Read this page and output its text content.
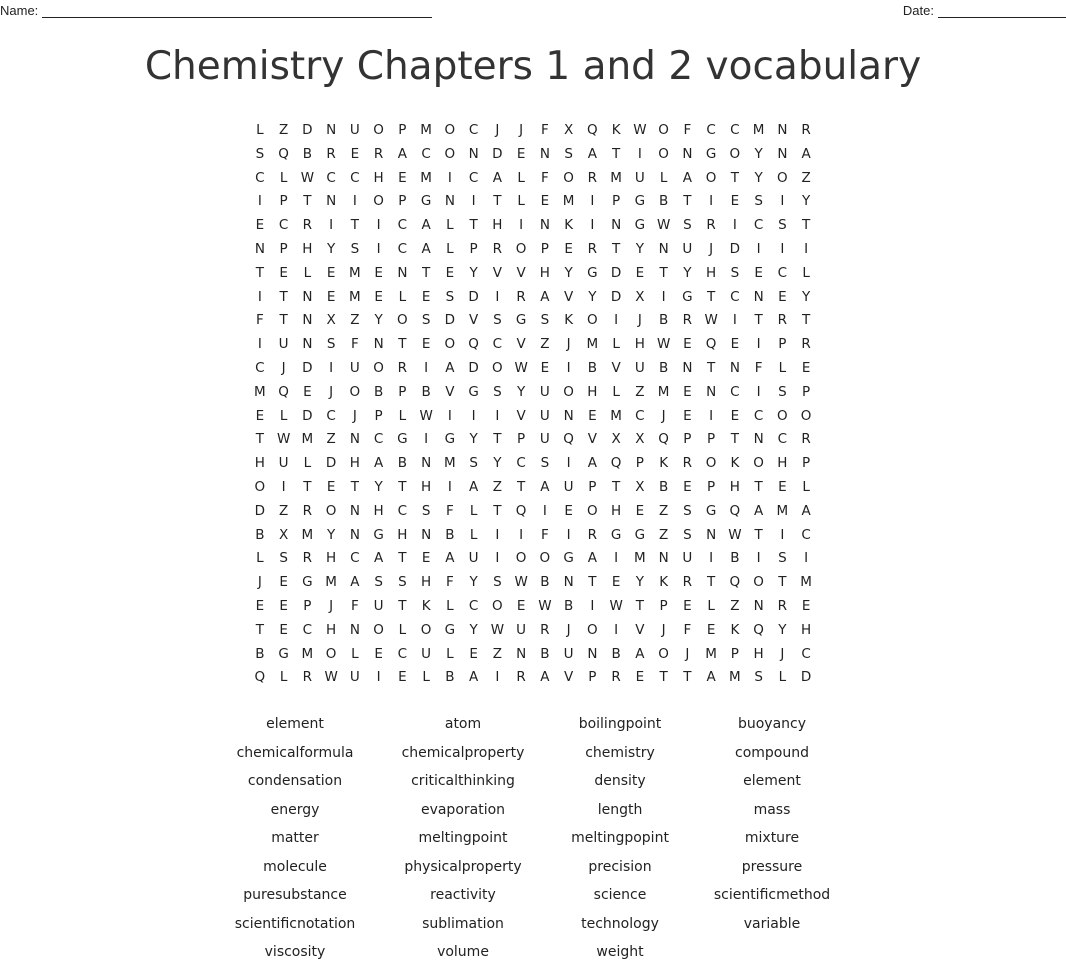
Name:	Date:
Chemistry Chapters 1 and 2 vocabulary
L	Z	D N	U O	P	M O	C	J	J	F	X	Q	K W O	F	C	C M N	R
S	Q	B	R	E	R	A	C	O N	D	E	N	S	A	T	I	O N G O	Y	N	A
C	L W C	C	H	E	M	I	C	A	L	F	O	R M U	L	A	O	T	Y	O	Z
I	P	T	N	I	O	P	G N	I	T	L	E	M	I	P	G	B	T	I	E	S	I	Y
E	C	R	I	T	I	C	A	L	T	H	I	N	K	I	N G W S	R	I	C	S	T
N	P	H	Y	S	I	C	A	L	P	R	O	P	E	R	T	Y	N	U	J	D	I	I	I
T	E	L	E	M	E	N	T	E	Y	V	V	H	Y	G D	E	T	Y	H	S	E	C	L
I	T	N	E	M	E	L	E	S	D	I	R	A	V	Y	D	X	I	G	T	C	N	E	Y
F	T	N	X	Z	Y	O	S	D	V	S	G	S	K	O	I	J	B	R W	I	T	R	T
I	U	N	S	F	N	T	E	O Q	C	V	Z	J	M	L	H W E	Q	E	I	P	R
C	J	D	I	U O	R	I	A	D O W E	I	B	V	U	B	N	T	N	F	L	E
M Q	E	J	O	B	P	B	V	G	S	Y	U O H	L	Z M	E	N	C	I	S	P
E	L	D	C	J	P	L W	I	I	I	V	U	N	E	M C	J	E	I	E	C	O O
T W M Z	N	C	G	I	G	Y	T	P	U Q	V	X	X	Q	P	P	T	N	C	R
H	U	L	D H	A	B	N M	S	Y	C	S	I	A	Q	P	K	R	O	K	O H	P
O	I	T	E	T	Y	T	H	I	A	Z	T	A	U	P	T	X	B	E	P	H	T	E	L
D	Z	R	O N	H	C	S	F	L	T	Q	I	E	O H	E	Z	S	G Q	A M A
B	X M	Y	N G H	N	B	L	I	I	F	I	R	G G	Z	S	N W T	I	C
L	S	R	H	C	A	T	E	A	U	I	O O G	A	I	M N	U	I	B	I	S	I
J	E	G M A	S	S	H	F	Y	S W B	N	T	E	Y	K	R	T	Q O	T	M
E	E	P	J	F	U	T	K	L	C	O	E W B	I	W T	P	E	L	Z	N	R	E
T	E	C	H	N O	L	O G	Y W U	R	J	O	I	V	J	F	E	K	Q	Y	H
B	G M O	L	E	C	U	L	E	Z	N	B	U	N	B	A	O	J	M	P	H	J	C
Q	L	R W U	I	E	L	B	A	I	R	A	V	P	R	E	T	T	A M	S	L	D
element	atom	boilingpoint	buoyancy
chemicalformula	chemicalproperty	chemistry	compound
condensation	criticalthinking	density	element
energy	evaporation	length	mass
matter	meltingpoint	meltingpopint	mixture
molecule	physicalproperty	precision	pressure
puresubstance	reactivity	science	scientificmethod
scientificnotation	sublimation	technology	variable
viscosity	volume	weight
